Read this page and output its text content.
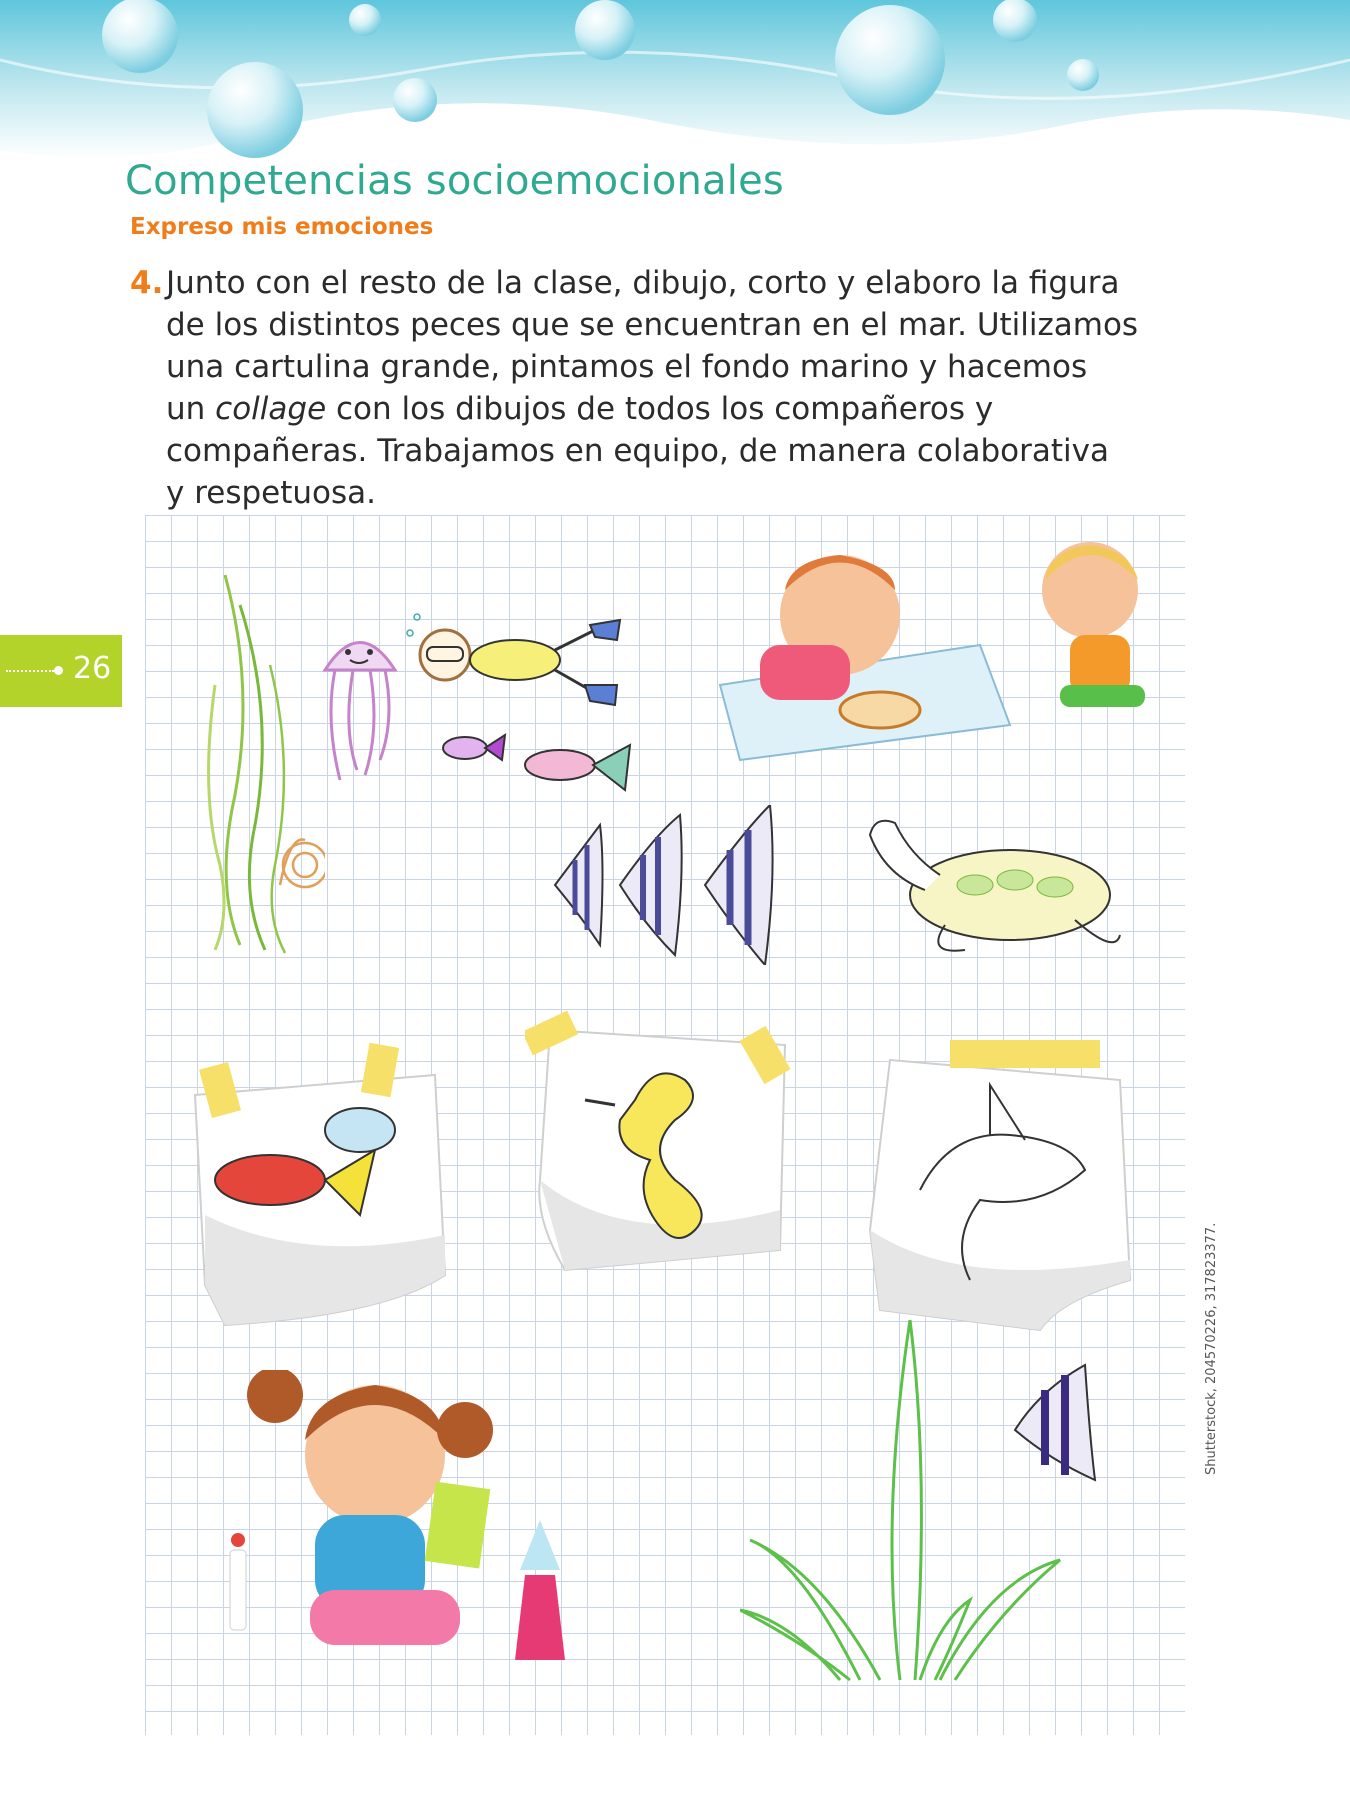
Competencias socioemocionales
Expreso mis emociones
4. Junto con el resto de la clase, dibujo, corto y elaboro la figura
de los distintos peces que se encuentran en el mar. Utilizamos
una cartulina grande, pintamos el fondo marino y hacemos
un collage con los dibujos de todos los compañeros y
compañeras. Trabajamos en equipo, de manera colaborativa
y respetuosa.
26
Shutterstock, 204570226, 317823377.
